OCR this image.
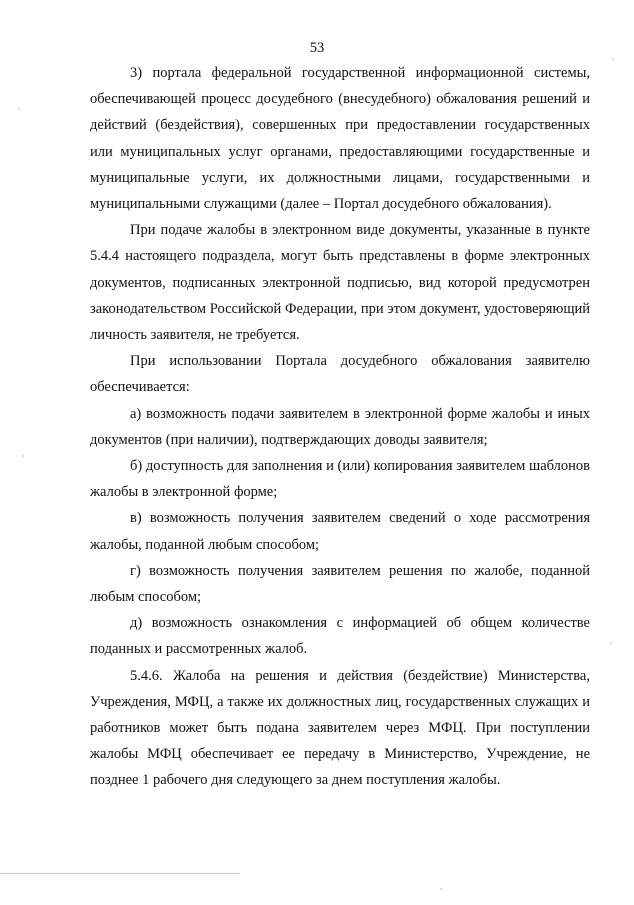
53

3) портала федеральной государственной информационной системы, обеспечивающей процесс досудебного (внесудебного) обжалования решений и действий (бездействия), совершенных при предоставлении государственных или муниципальных услуг органами, предоставляющими государственные и муниципальные услуги, их должностными лицами, государственными и муниципальными служащими (далее – Портал досудебного обжалования).

При подаче жалобы в электронном виде документы, указанные в пункте 5.4.4 настоящего подраздела, могут быть представлены в форме электронных документов, подписанных электронной подписью, вид которой предусмотрен законодательством Российской Федерации, при этом документ, удостоверяющий личность заявителя, не требуется.

При использовании Портала досудебного обжалования заявителю обеспечивается:

а) возможность подачи заявителем в электронной форме жалобы и иных документов (при наличии), подтверждающих доводы заявителя;

б) доступность для заполнения и (или) копирования заявителем шаблонов жалобы в электронной форме;

в) возможность получения заявителем сведений о ходе рассмотрения жалобы, поданной любым способом;

г) возможность получения заявителем решения по жалобе, поданной любым способом;

д) возможность ознакомления с информацией об общем количестве поданных и рассмотренных жалоб.

5.4.6. Жалоба на решения и действия (бездействие) Министерства, Учреждения, МФЦ, а также их должностных лиц, государственных служащих и работников может быть подана заявителем через МФЦ. При поступлении жалобы МФЦ обеспечивает ее передачу в Министерство, Учреждение, не позднее 1 рабочего дня следующего за днем поступления жалобы.
